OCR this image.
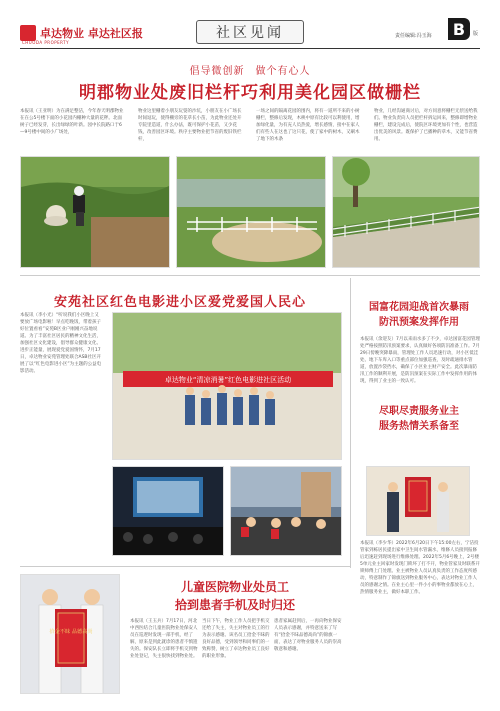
卓达物业 卓达社区报
CHUODA PROPERTY
社区见闻	责任编辑:冯玉海	B	版
倡导微创新　做个有心人
明郡物业处废旧栏杆巧利用美化园区做栅栏
本报讯（王亚明）为在满足整洁，今年春天明郡物业在在公5号楼下面的小花园内栅种大量的花秤。北面树子已经发芽，长出绿绿的叶新。园中长院路口于6—9号楼中间的小广场处，
物业这里栅着小朋友玩耍的沙坑，小朋友在小广场长时间逗玩，使得栅旁的花草长小苗，为此物业还处开专院里造道，什么办法，既可保护小花苗，又少花钱，改善园区环境。秩序主要物业把节省的废旧铁栏杆，
一场之间的隔离花园的围内，将有一道所不来的小树栅栏，整修后发现，木秧中原有比较可以利使用，增加绿化量，为有充人员热爱，增长感情，接中在家人们有些人在这也了这只花，使了家中的树木，又刷木了地下的木条
物业，几经沟通商讨后，对方同意将栅栏无偿送给我们。物业负责向人员把栏杆拆运回来，整修即增物业栅栏，建设完成后，使院区环境更加有个性，也营造出优美的风景。既保护了已播种的草木，又能节省费用。
安苑社区红色电影进小区爱党爱国人民心
本报讯（李小光）“听说我们小区晚上又要放广场电影啦！早点吃晚饭，带着孩子好位置看看”安苑B区业户刚刚兴奋地说道。为了丰富社区居民的精神文化生活，加强社区文化建设，倡导群众健康文化、进步正能量，展现爱党爱国情怀，7月17日，卓达物业安苑管理处联合ASB社区开展了以“红色电影进小区”为主题的公益电影活动。
卓达物业“清凉消暑”红色电影进社区活动
国富花园迎战首次暴雨
防汛预案发挥作用
本报讯（余迎友）7月以来雨水多了不少，卓达国富花园管理处严格按照防汛预案要求，认真做好各项防汛准备工作。7月29日傍晚突降暴雨，管理处工作人员迅速行动，对小区低洼处、地下车库入口等重点部位加强巡查，及时疏通排水管道，放置沙袋挡水，确保了小区业主财产安全。此次暴雨防汛工作的顺利开展，是防汛预案在实际工作中发挥作用的体现，得到了业主的一致认可。
尽职尽责服务业主
服务热情关系备至
本报讯（李少华）2022年6月20日下午15:00左右，宁洁投管家到栋居民提出家中卫生间水管漏水，维修人员接到报修后迅速赶到现场进行维修处理。2022年5月6号晚上，2号楼5单元业主回家时发现门锁坏了打不开，物业管家及时联系开锁师傅上门处理。业主被物业人员认真负责的工作态度所感动，特意制作了锦旗送到物业服务中心，表达对物业工作人员的感谢之情。在业主心里一件小小的事物业都放在心上，热情服务业主，做好本职工作。
拾金不昧 品德高尚
儿童医院物业处员工
拾到患者手机及时归还
本报讯（王玉兵）7月17日，河北中西医结合儿童医院物业处保安人员在巡逻时发现一部手机，经了解，原来是到此就诊的患者不慎遗失的。保安队长立即将手机交到物业处登记，失主很快找到物业处。
当日下午，物业工作人员把手机交还给了失主，失主对物业员工的行为表示感谢。该名员工拾金不昧的良好品德，受到领导和同事们的一致称赞，树立了卓达物业员工良好的职业形象。
患者家属赶到后，一再向物业保安人员表示感谢，并特意送来了写有“拾金不昧品德高尚”的锦旗一面，表达了对物业服务人员的崇高敬意和感谢。
